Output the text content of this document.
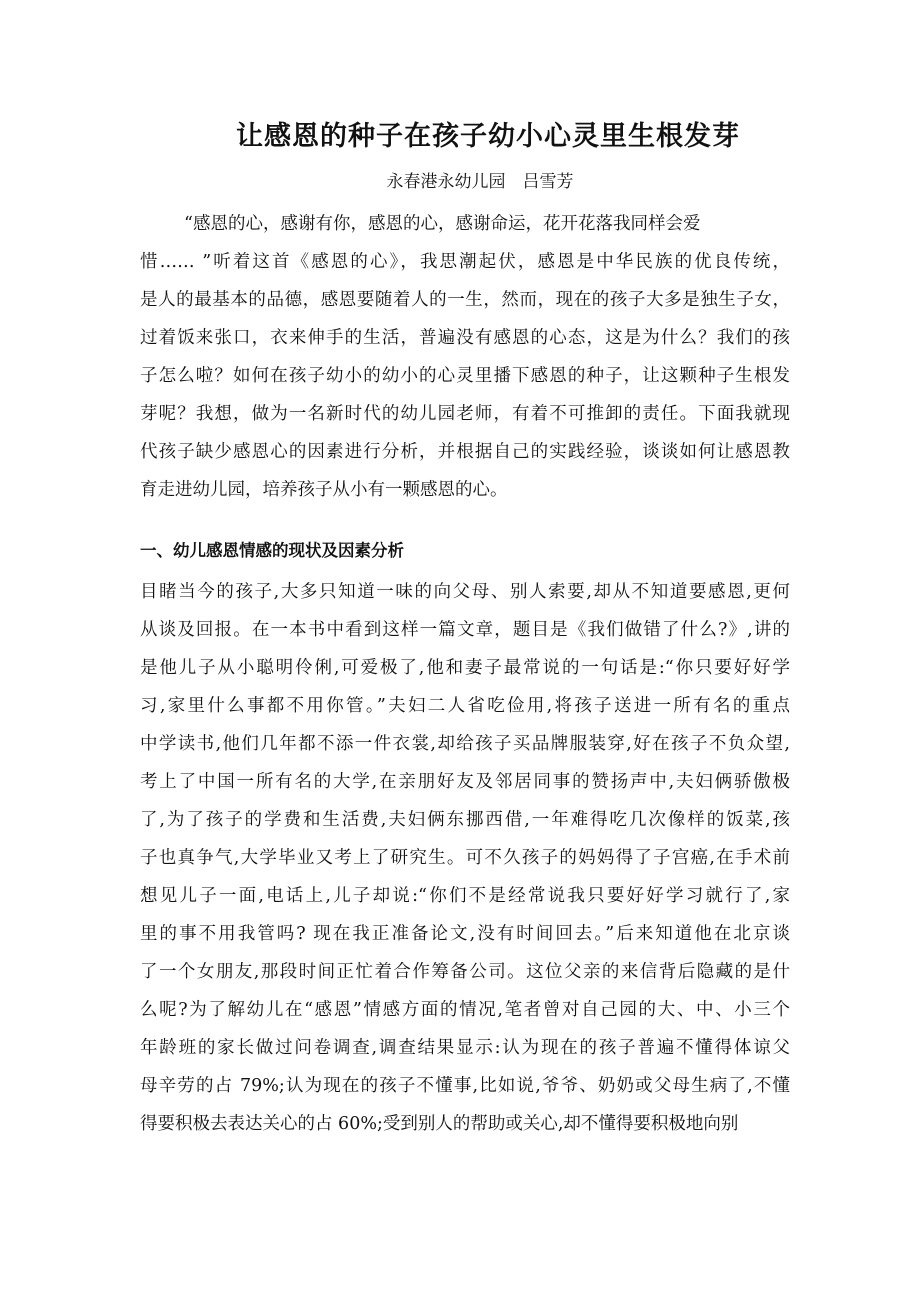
让感恩的种子在孩子幼小心灵里生根发芽
永春港永幼儿园　吕雪芳
“感恩的心，感谢有你，感恩的心，感谢命运，花开花落我同样会爱
惜…… ”听着这首《感恩的心》，我思潮起伏，感恩是中华民族的优良传统，
是人的最基本的品德，感恩要随着人的一生，然而，现在的孩子大多是独生子女，
过着饭来张口，衣来伸手的生活，普遍没有感恩的心态，这是为什么？我们的孩
子怎么啦？如何在孩子幼小的幼小的心灵里播下感恩的种子，让这颗种子生根发
芽呢？我想，做为一名新时代的幼儿园老师，有着不可推卸的责任。下面我就现
代孩子缺少感恩心的因素进行分析，并根据自己的实践经验，谈谈如何让感恩教
育走进幼儿园，培养孩子从小有一颗感恩的心。
一、幼儿感恩情感的现状及因素分析
目睹当今的孩子,大多只知道一味的向父母、别人索要,却从不知道要感恩,更何
从谈及回报。在一本书中看到这样一篇文章，题目是《我们做错了什么?》,讲的
是他儿子从小聪明伶俐,可爱极了,他和妻子最常说的一句话是:“你只要好好学
习,家里什么事都不用你管。”夫妇二人省吃俭用,将孩子送进一所有名的重点
中学读书,他们几年都不添一件衣裳,却给孩子买品牌服装穿,好在孩子不负众望,
考上了中国一所有名的大学,在亲朋好友及邻居同事的赞扬声中,夫妇俩骄傲极
了,为了孩子的学费和生活费,夫妇俩东挪西借,一年难得吃几次像样的饭菜,孩
子也真争气,大学毕业又考上了研究生。可不久孩子的妈妈得了子宫癌,在手术前
想见儿子一面,电话上,儿子却说:“你们不是经常说我只要好好学习就行了,家
里的事不用我管吗? 现在我正准备论文,没有时间回去。”后来知道他在北京谈
了一个女朋友,那段时间正忙着合作筹备公司。这位父亲的来信背后隐藏的是什
么呢?为了解幼儿在“感恩”情感方面的情况,笔者曾对自己园的大、中、小三个
年龄班的家长做过问卷调查,调查结果显示:认为现在的孩子普遍不懂得体谅父
母辛劳的占 79%;认为现在的孩子不懂事,比如说,爷爷、奶奶或父母生病了,不懂
得要积极去表达关心的占 60%;受到别人的帮助或关心,却不懂得要积极地向别
